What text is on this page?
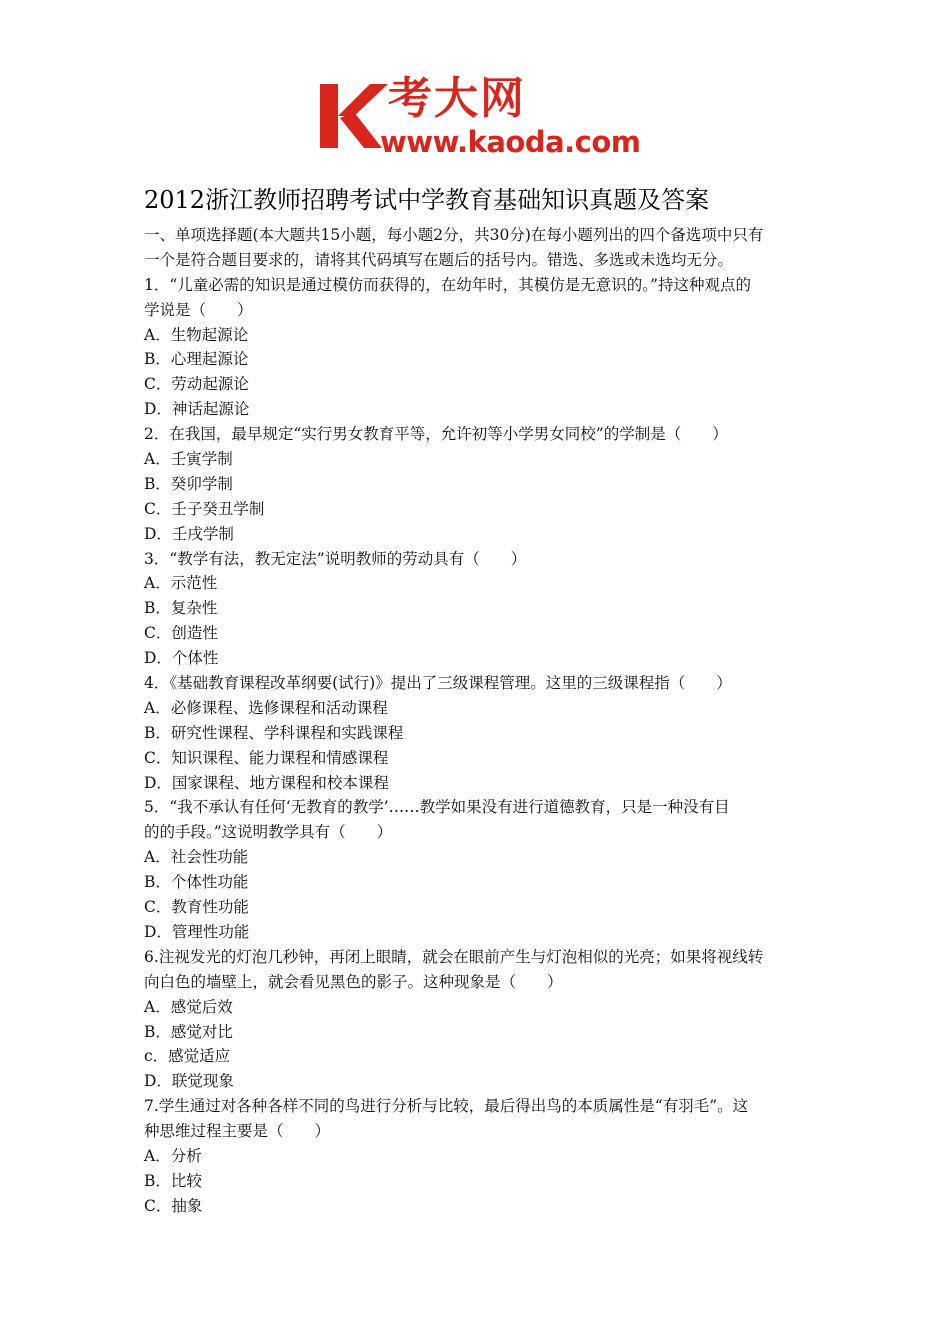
考大网
www.kaoda.com
2012浙江教师招聘考试中学教育基础知识真题及答案
一、单项选择题(本大题共15小题，每小题2分，共30分)在每小题列出的四个备选项中只有
一个是符合题目要求的，请将其代码填写在题后的括号内。错选、多选或未选均无分。
1．“儿童必需的知识是通过模仿而获得的，在幼年时，其模仿是无意识的。”持这种观点的
学说是（　　）
A．生物起源论
B．心理起源论
C．劳动起源论
D．神话起源论
2．在我国，最早规定“实行男女教育平等，允许初等小学男女同校”的学制是（　　）
A．壬寅学制
B．癸卯学制
C．壬子癸丑学制
D．壬戌学制
3．“教学有法，教无定法”说明教师的劳动具有（　　）
A．示范性
B．复杂性
C．创造性
D．个体性
4．《基础教育课程改革纲要(试行)》提出了三级课程管理。这里的三级课程指（　　）
A．必修课程、选修课程和活动课程
B．研究性课程、学科课程和实践课程
C．知识课程、能力课程和情感课程
D．国家课程、地方课程和校本课程
5．“我不承认有任何‘无教育的教学’……教学如果没有进行道德教育，只是一种没有目
的的手段。”这说明教学具有（　　）
A．社会性功能
B．个体性功能
C．教育性功能
D．管理性功能
6.注视发光的灯泡几秒钟，再闭上眼睛，就会在眼前产生与灯泡相似的光亮；如果将视线转
向白色的墙壁上，就会看见黑色的影子。这种现象是（　　）
A．感觉后效
B．感觉对比
c．感觉适应
D．联觉现象
7.学生通过对各种各样不同的鸟进行分析与比较，最后得出鸟的本质属性是“有羽毛”。这
种思维过程主要是（　　）
A．分析
B．比较
C．抽象
